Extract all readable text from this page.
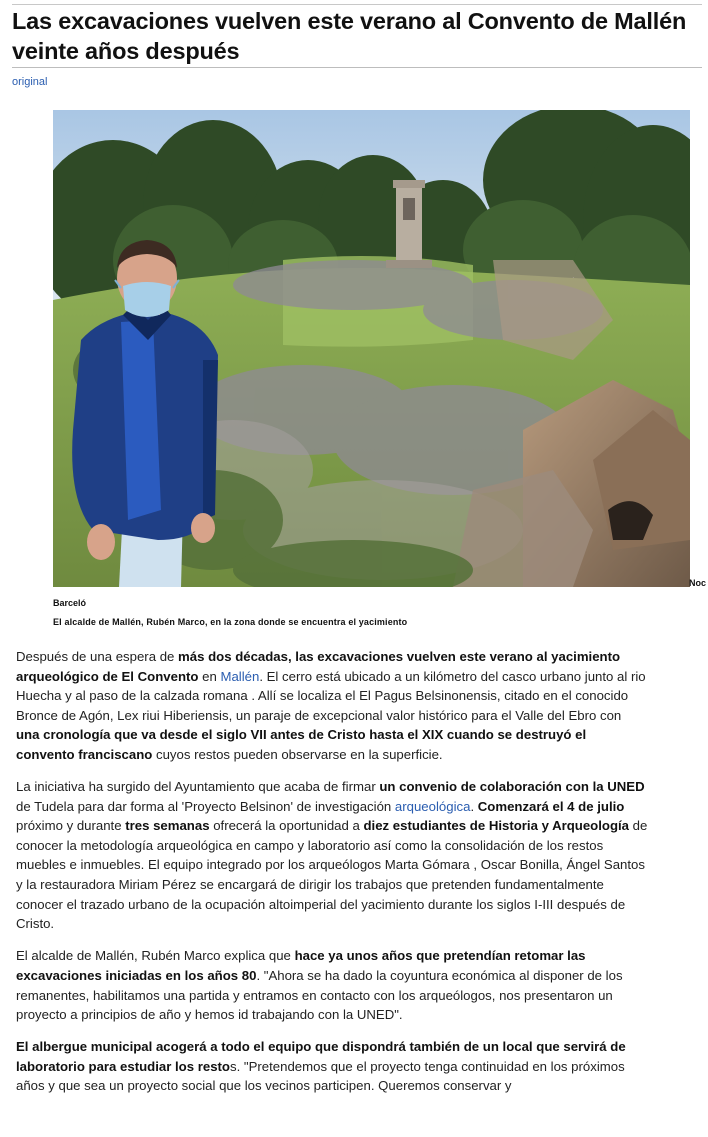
Las excavaciones vuelven este verano al Convento de Mallén veinte años después
original
Noc
Barceló
El alcalde de Mallén, Rubén Marco, en la zona donde se encuentra el yacimiento

Después de una espera de más dos décadas, las excavaciones vuelven este verano al yacimiento arqueológico de El Convento en Mallén. El cerro está ubicado a un kilómetro del casco urbano junto al rio Huecha y al paso de la calzada romana . Allí se localiza el El Pagus Belsinonensis, citado en el conocido Bronce de Agón, Lex riui Hiberiensis, un paraje de excepcional valor histórico para el Valle del Ebro con una cronología que va desde el siglo VII antes de Cristo hasta el XIX cuando se destruyó el convento franciscano cuyos restos pueden observarse en la superficie.

La iniciativa ha surgido del Ayuntamiento que acaba de firmar un convenio de colaboración con la UNED de Tudela para dar forma al 'Proyecto Belsinon' de investigación arqueológica. Comenzará el 4 de julio próximo y durante tres semanas ofrecerá la oportunidad a diez estudiantes de Historia y Arqueología de conocer la metodología arqueológica en campo y laboratorio así como la consolidación de los restos muebles e inmuebles. El equipo integrado por los arqueólogos Marta Gómara , Oscar Bonilla, Ángel Santos y la restauradora Miriam Pérez se encargará de dirigir los trabajos que pretenden fundamentalmente conocer el trazado urbano de la ocupación altoimperial del yacimiento durante los siglos I-III después de Cristo.

El alcalde de Mallén, Rubén Marco explica que hace ya unos años que pretendían retomar las excavaciones iniciadas en los años 80. "Ahora se ha dado la coyuntura económica al disponer de los remanentes, habilitamos una partida y entramos en contacto con los arqueólogos, nos presentaron un proyecto a principios de año y hemos id trabajando con la UNED".

El albergue municipal acogerá a todo el equipo que dispondrá también de un local que servirá de laboratorio para estudiar los restos. "Pretendemos que el proyecto tenga continuidad en los próximos años y que sea un proyecto social que los vecinos participen. Queremos conservar y
